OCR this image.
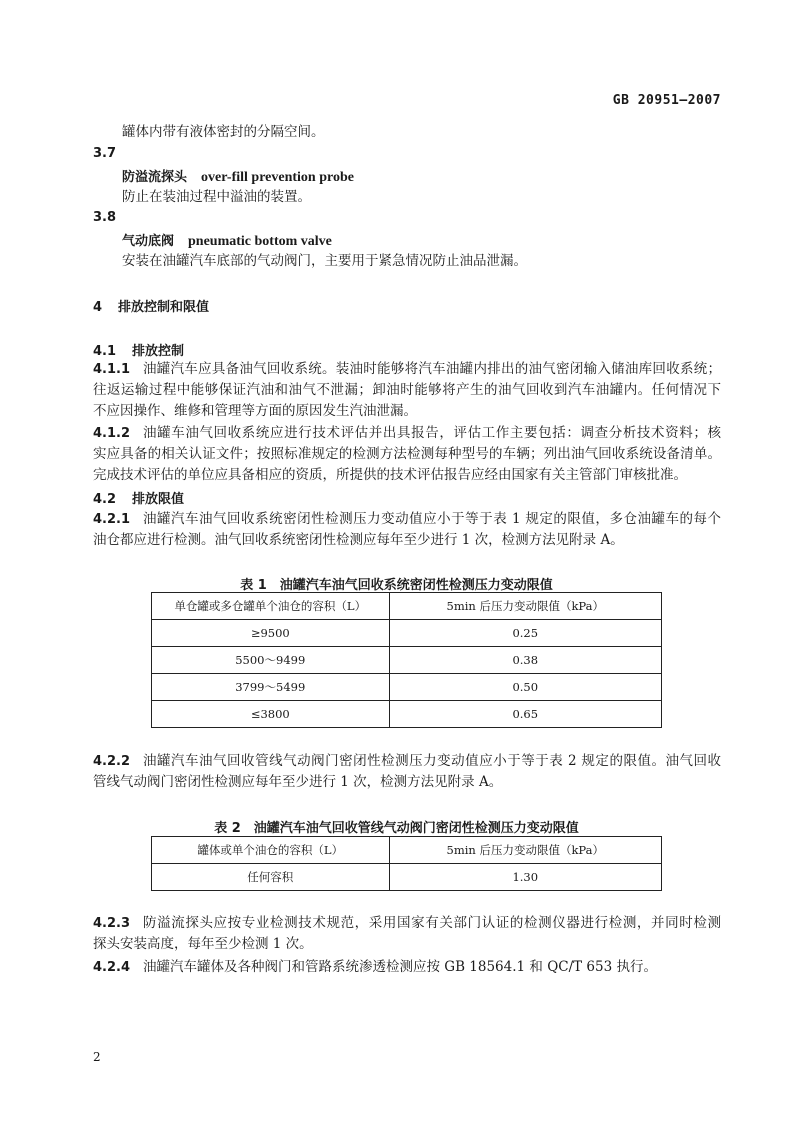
GB 20951—2007
罐体内带有液体密封的分隔空间。
3.7
防溢流探头 over-fill prevention probe
防止在装油过程中溢油的装置。
3.8
气动底阀 pneumatic bottom valve
安装在油罐汽车底部的气动阀门，主要用于紧急情况防止油品泄漏。
4 排放控制和限值
4.1 排放控制
4.1.1 油罐汽车应具备油气回收系统。装油时能够将汽车油罐内排出的油气密闭输入储油库回收系统；
往返运输过程中能够保证汽油和油气不泄漏；卸油时能够将产生的油气回收到汽车油罐内。任何情况下
不应因操作、维修和管理等方面的原因发生汽油泄漏。
4.1.2 油罐车油气回收系统应进行技术评估并出具报告，评估工作主要包括：调查分析技术资料；核
实应具备的相关认证文件；按照标准规定的检测方法检测每种型号的车辆；列出油气回收系统设备清单。
完成技术评估的单位应具备相应的资质，所提供的技术评估报告应经由国家有关主管部门审核批准。
4.2 排放限值
4.2.1 油罐汽车油气回收系统密闭性检测压力变动值应小于等于表 1 规定的限值，多仓油罐车的每个
油仓都应进行检测。油气回收系统密闭性检测应每年至少进行 1 次，检测方法见附录 A。
表 1　油罐汽车油气回收系统密闭性检测压力变动限值
单仓罐或多仓罐单个油仓的容积（L）	5min 后压力变动限值（kPa）
≥9500	0.25
5500～9499	0.38
3799～5499	0.50
≤3800	0.65
4.2.2 油罐汽车油气回收管线气动阀门密闭性检测压力变动值应小于等于表 2 规定的限值。油气回收
管线气动阀门密闭性检测应每年至少进行 1 次，检测方法见附录 A。
表 2　油罐汽车油气回收管线气动阀门密闭性检测压力变动限值
罐体或单个油仓的容积（L）	5min 后压力变动限值（kPa）
任何容积	1.30
4.2.3 防溢流探头应按专业检测技术规范，采用国家有关部门认证的检测仪器进行检测，并同时检测
探头安装高度，每年至少检测 1 次。
4.2.4 油罐汽车罐体及各种阀门和管路系统渗透检测应按 GB 18564.1 和 QC/T 653 执行。
2
